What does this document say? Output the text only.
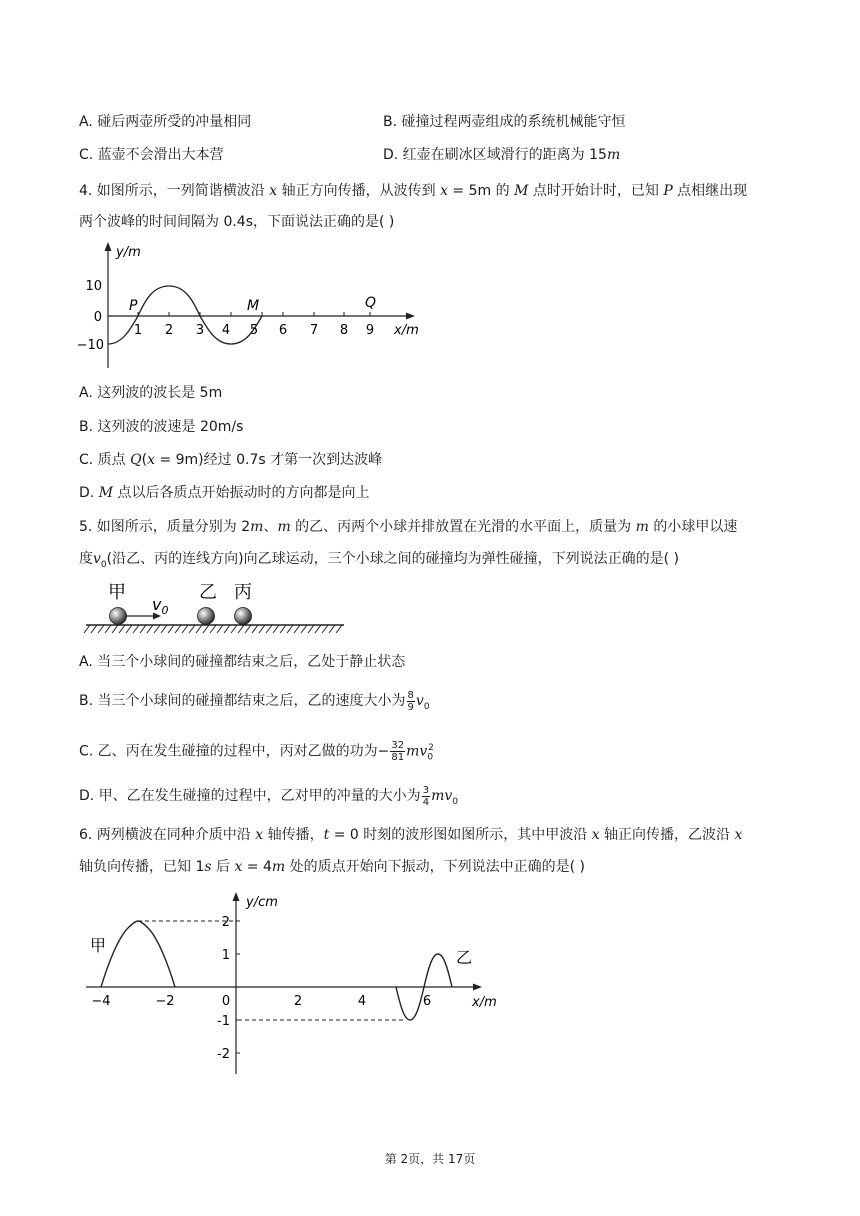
A. 碰后两壶所受的冲量相同	B. 碰撞过程两壶组成的系统机械能守恒
C. 蓝壶不会滑出大本营	D. 红壶在刷冰区域滑行的距离为 15m
4. 如图所示，一列简谐横波沿 x 轴正方向传播，从波传到 x = 5m 的 M 点时开始计时，已知 P 点相继出现
两个波峰的时间间隔为 0.4s，下面说法正确的是( )
y/m
x/m
10
0
−10
1 2 3 4 5 6 7 8 9
P	M	Q
A. 这列波的波长是 5m
B. 这列波的波速是 20m/s
C. 质点 Q(x = 9m)经过 0.7s 才第一次到达波峰
D. M 点以后各质点开始振动时的方向都是向上
5. 如图所示，质量分别为 2m、m 的乙、丙两个小球并排放置在光滑的水平面上，质量为 m 的小球甲以速
度$v_0$(沿乙、丙的连线方向)向乙球运动，三个小球之间的碰撞均为弹性碰撞，下列说法正确的是( )
甲	乙 丙
$v_0$
A. 当三个小球间的碰撞都结束之后，乙处于静止状态
B. 当三个小球间的碰撞都结束之后，乙的速度大小为 $\frac{8}{9} v_0$
C. 乙、丙在发生碰撞的过程中，丙对乙做的功为− $\frac{32}{81} mv_0^2$
D. 甲、乙在发生碰撞的过程中，乙对甲的冲量的大小为 $\frac{3}{4} mv_0$
6. 两列横波在同种介质中沿 x 轴传播，t = 0 时刻的波形图如图所示，其中甲波沿 x 轴正向传播，乙波沿 x
轴负向传播，已知 1s 后 x = 4m 处的质点开始向下振动，下列说法中正确的是( )
y/cm
x/m
2
1
-1
-2
−4	−2	0	2	4	6
甲
乙
第 2页，共 17页
